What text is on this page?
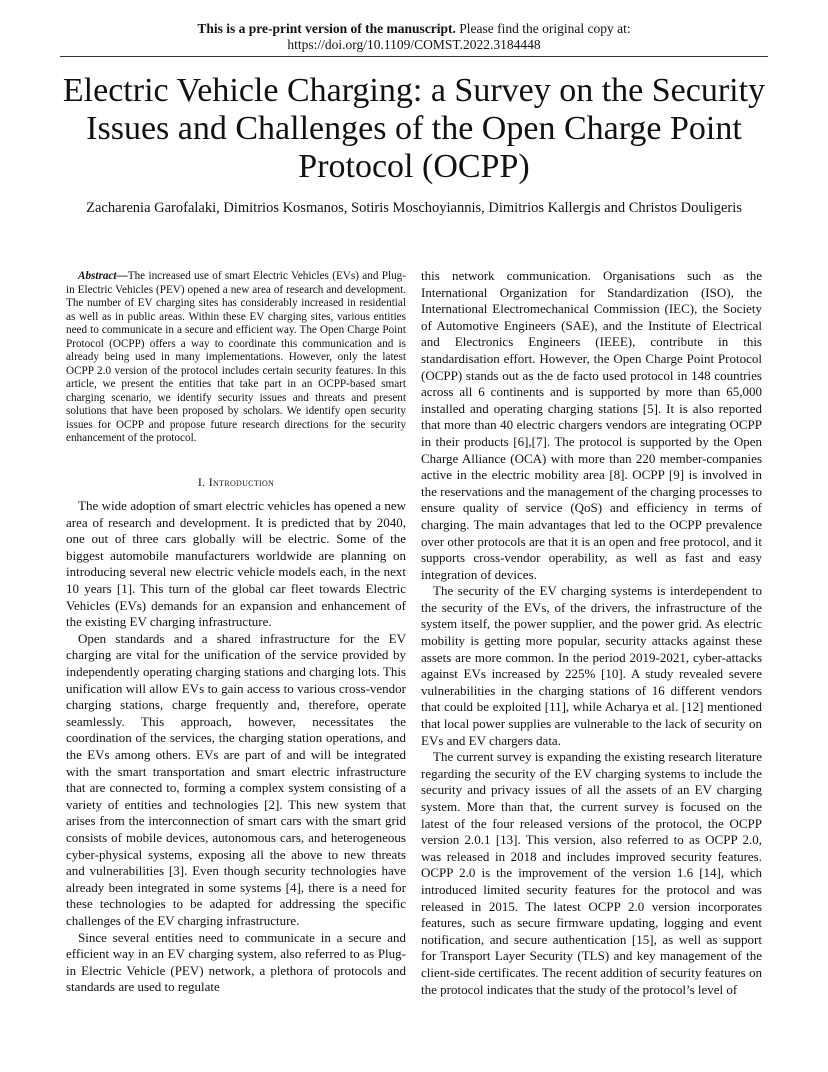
This is a pre-print version of the manuscript. Please find the original copy at:
https://doi.org/10.1109/COMST.2022.3184448
Electric Vehicle Charging: a Survey on the Security Issues and Challenges of the Open Charge Point Protocol (OCPP)
Zacharenia Garofalaki, Dimitrios Kosmanos, Sotiris Moschoyiannis, Dimitrios Kallergis and Christos Douligeris

Abstract—The increased use of smart Electric Vehicles (EVs) and Plug-in Electric Vehicles (PEV) opened a new area of research and development. The number of EV charging sites has considerably increased in residential as well as in public areas. Within these EV charging sites, various entities need to communicate in a secure and efficient way. The Open Charge Point Protocol (OCPP) offers a way to coordinate this communication and is already being used in many implementations. However, only the latest OCPP 2.0 version of the protocol includes certain security features. In this article, we present the entities that take part in an OCPP-based smart charging scenario, we identify security issues and threats and present solutions that have been proposed by scholars. We identify open security issues for OCPP and propose future research directions for the security enhancement of the protocol.

I. Introduction

The wide adoption of smart electric vehicles has opened a new area of research and development. It is predicted that by 2040, one out of three cars globally will be electric. Some of the biggest automobile manufacturers worldwide are planning on introducing several new electric vehicle models each, in the next 10 years [1]. This turn of the global car fleet towards Electric Vehicles (EVs) demands for an expansion and enhancement of the existing EV charging infrastructure.

Open standards and a shared infrastructure for the EV charging are vital for the unification of the service provided by independently operating charging stations and charging lots. This unification will allow EVs to gain access to various cross-vendor charging stations, charge frequently and, therefore, operate seamlessly. This approach, however, necessitates the coordination of the services, the charging station operations, and the EVs among others. EVs are part of and will be integrated with the smart transportation and smart electric infrastructure that are connected to, forming a complex system consisting of a variety of entities and technologies [2]. This new system that arises from the interconnection of smart cars with the smart grid consists of mobile devices, autonomous cars, and heterogeneous cyber-physical systems, exposing all the above to new threats and vulnerabilities [3]. Even though security technologies have already been integrated in some systems [4], there is a need for these technologies to be adapted for addressing the specific challenges of the EV charging infrastructure.

Since several entities need to communicate in a secure and efficient way in an EV charging system, also referred to as Plug-in Electric Vehicle (PEV) network, a plethora of protocols and standards are used to regulate

this network communication. Organisations such as the International Organization for Standardization (ISO), the International Electromechanical Commission (IEC), the Society of Automotive Engineers (SAE), and the Institute of Electrical and Electronics Engineers (IEEE), contribute in this standardisation effort. However, the Open Charge Point Protocol (OCPP) stands out as the de facto used protocol in 148 countries across all 6 continents and is supported by more than 65,000 installed and operating charging stations [5]. It is also reported that more than 40 electric chargers vendors are integrating OCPP in their products [6],[7]. The protocol is supported by the Open Charge Alliance (OCA) with more than 220 member-companies active in the electric mobility area [8]. OCPP [9] is involved in the reservations and the management of the charging processes to ensure quality of service (QoS) and efficiency in terms of charging. The main advantages that led to the OCPP prevalence over other protocols are that it is an open and free protocol, and it supports cross-vendor operability, as well as fast and easy integration of devices.

The security of the EV charging systems is interdependent to the security of the EVs, of the drivers, the infrastructure of the system itself, the power supplier, and the power grid. As electric mobility is getting more popular, security attacks against these assets are more common. In the period 2019-2021, cyber-attacks against EVs increased by 225% [10]. A study revealed severe vulnerabilities in the charging stations of 16 different vendors that could be exploited [11], while Acharya et al. [12] mentioned that local power supplies are vulnerable to the lack of security on EVs and EV chargers data.

The current survey is expanding the existing research literature regarding the security of the EV charging systems to include the security and privacy issues of all the assets of an EV charging system. More than that, the current survey is focused on the latest of the four released versions of the protocol, the OCPP version 2.0.1 [13]. This version, also referred to as OCPP 2.0, was released in 2018 and includes improved security features. OCPP 2.0 is the improvement of the version 1.6 [14], which introduced limited security features for the protocol and was released in 2015. The latest OCPP 2.0 version incorporates features, such as secure firmware updating, logging and event notification, and secure authentication [15], as well as support for Transport Layer Security (TLS) and key management of the client-side certificates. The recent addition of security features on the protocol indicates that the study of the protocol’s level of
